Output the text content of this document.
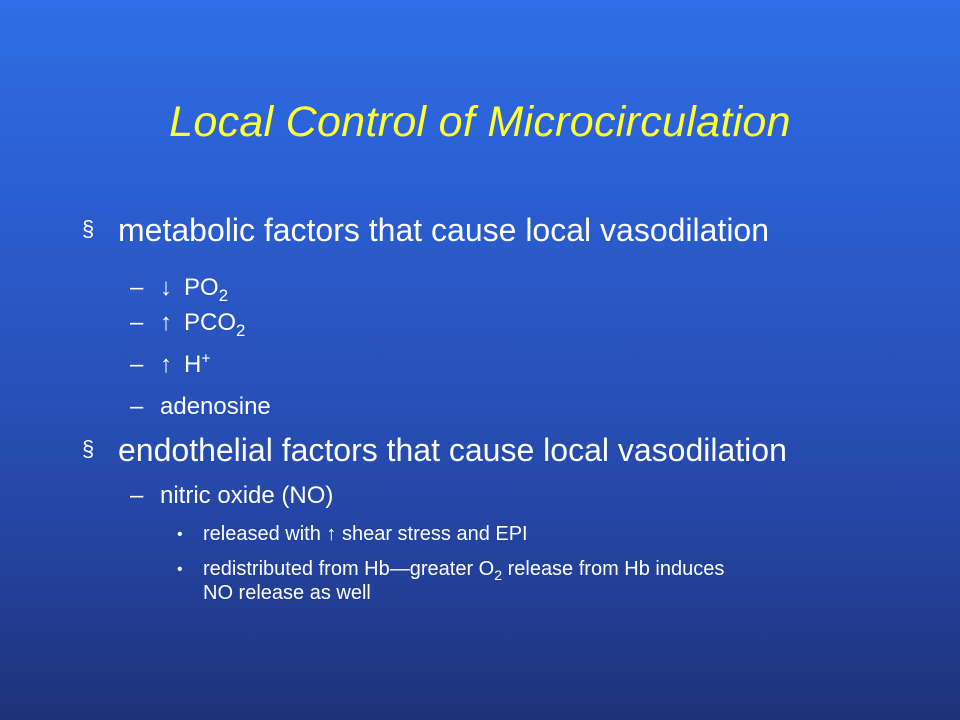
Local Control of Microcirculation
§ metabolic factors that cause local vasodilation
– ↓ $PO_2$
– ↑ $PCO_2$
– ↑ H+
– adenosine
§ endothelial factors that cause local vasodilation
– nitric oxide (NO)
• released with ↑ shear stress and EPI
• redistributed from Hb—greater $O_2$ release from Hb induces
NO release as well
